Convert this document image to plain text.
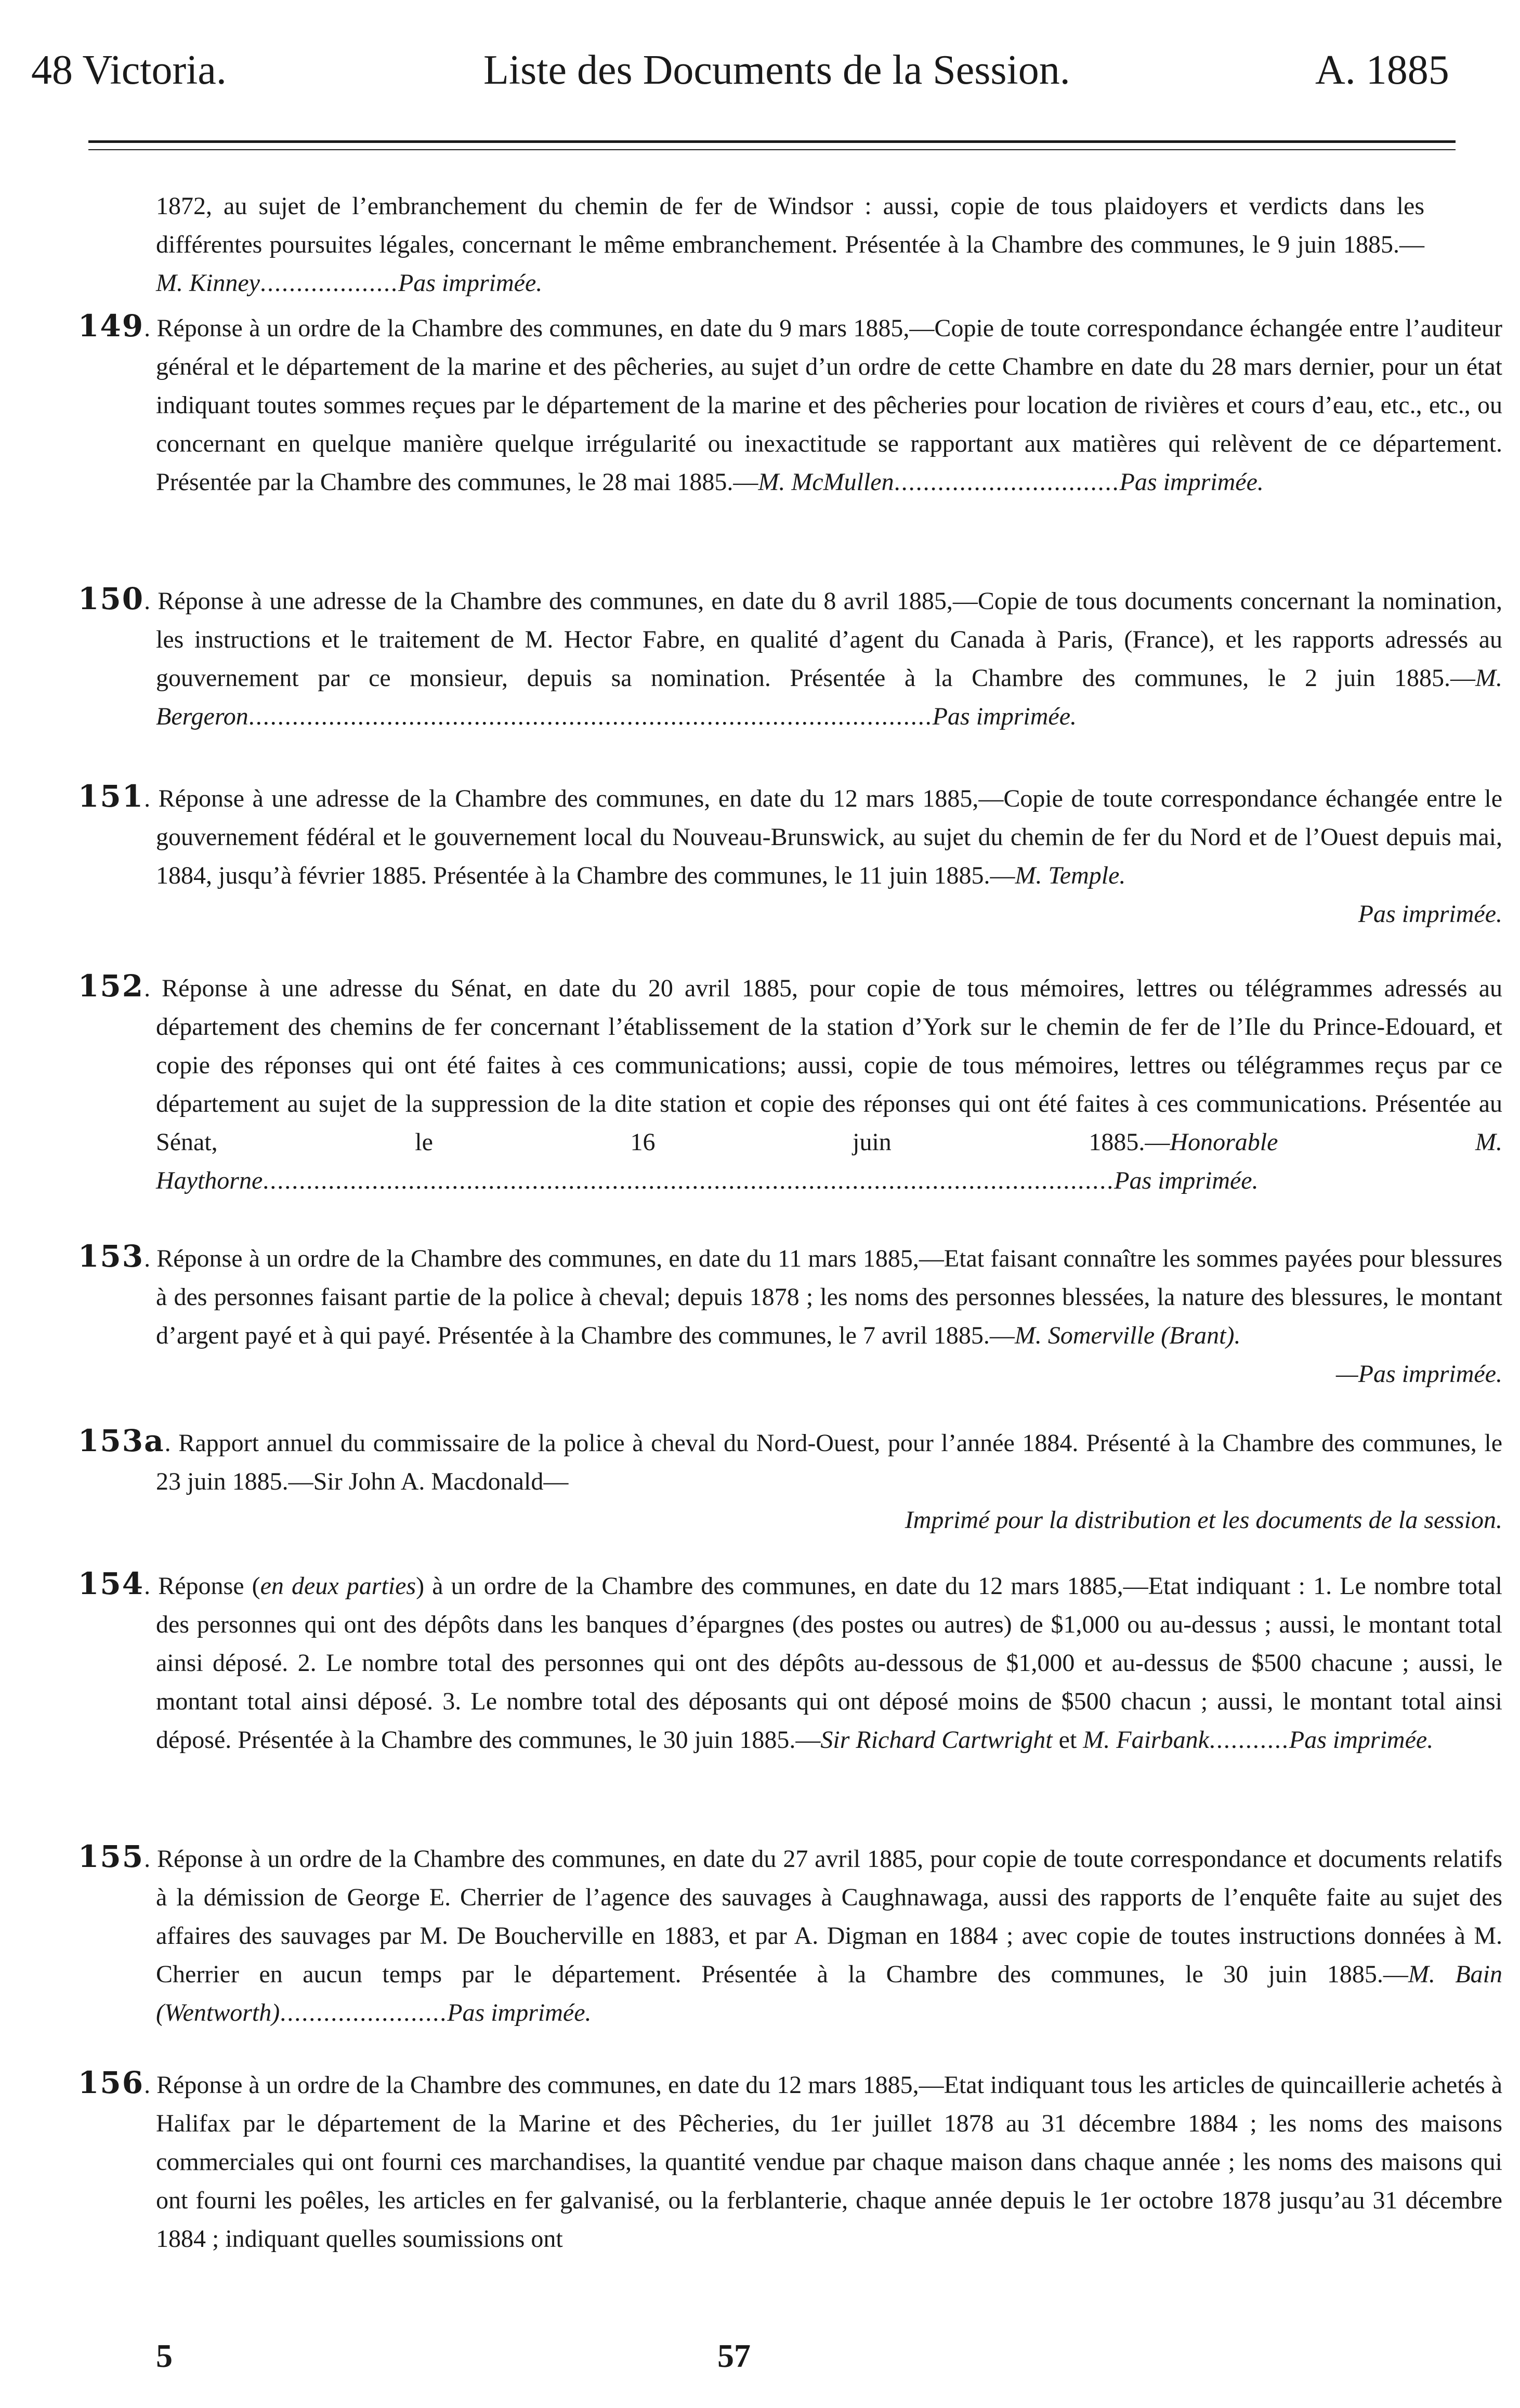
48 Victoria.	Liste des Documents de la Session.	A. 1885
1872, au sujet de l’embranchement du chemin de fer de Windsor : aussi, copie de tous plaidoyers et verdicts dans les différentes poursuites légales, concernant le même embranchement. Présentée à la Chambre des communes, le 9 juin 1885.—M. Kinney...................Pas imprimée.
149. Réponse à un ordre de la Chambre des communes, en date du 9 mars 1885,—Copie de toute correspondance échangée entre l’auditeur général et le département de la marine et des pêcheries, au sujet d’un ordre de cette Chambre en date du 28 mars dernier, pour un état indiquant toutes sommes reçues par le département de la marine et des pêcheries pour location de rivières et cours d’eau, etc., etc., ou concernant en quelque manière quelque irrégularité ou inexactitude se rapportant aux matières qui relèvent de ce département. Présentée par la Chambre des communes, le 28 mai 1885.—M. McMullen...............................Pas imprimée.
150. Réponse à une adresse de la Chambre des communes, en date du 8 avril 1885,—Copie de tous documents concernant la nomination, les instructions et le traitement de M. Hector Fabre, en qualité d’agent du Canada à Paris, (France), et les rapports adressés au gouvernement par ce monsieur, depuis sa nomination. Présentée à la Chambre des communes, le 2 juin 1885.—M. Bergeron..............................................................................................Pas imprimée.
151. Réponse à une adresse de la Chambre des communes, en date du 12 mars 1885,—Copie de toute correspondance échangée entre le gouvernement fédéral et le gouvernement local du Nouveau-Brunswick, au sujet du chemin de fer du Nord et de l’Ouest depuis mai, 1884, jusqu’à février 1885. Présentée à la Chambre des communes, le 11 juin 1885.—M. Temple.
Pas imprimée.
152. Réponse à une adresse du Sénat, en date du 20 avril 1885, pour copie de tous mémoires, lettres ou télégrammes adressés au département des chemins de fer concernant l’établissement de la station d’York sur le chemin de fer de l’Ile du Prince-Edouard, et copie des réponses qui ont été faites à ces communications; aussi, copie de tous mémoires, lettres ou télégrammes reçus par ce département au sujet de la suppression de la dite station et copie des réponses qui ont été faites à ces communications. Présentée au Sénat, le 16 juin 1885.—Honorable M. Haythorne.....................................................................................................................Pas imprimée.
153. Réponse à un ordre de la Chambre des communes, en date du 11 mars 1885,—Etat faisant connaître les sommes payées pour blessures à des personnes faisant partie de la police à cheval; depuis 1878 ; les noms des personnes blessées, la nature des blessures, le montant d’argent payé et à qui payé. Présentée à la Chambre des communes, le 7 avril 1885.—M. Somerville (Brant).
—Pas imprimée.
153a. Rapport annuel du commissaire de la police à cheval du Nord-Ouest, pour l’année 1884. Présenté à la Chambre des communes, le 23 juin 1885.—Sir John A. Macdonald—
Imprimé pour la distribution et les documents de la session.
154. Réponse (en deux parties) à un ordre de la Chambre des communes, en date du 12 mars 1885,—Etat indiquant : 1. Le nombre total des personnes qui ont des dépôts dans les banques d’épargnes (des postes ou autres) de $1,000 ou au-dessus ; aussi, le montant total ainsi déposé. 2. Le nombre total des personnes qui ont des dépôts au-dessous de $1,000 et au-dessus de $500 chacune ; aussi, le montant total ainsi déposé. 3. Le nombre total des déposants qui ont déposé moins de $500 chacun ; aussi, le montant total ainsi déposé. Présentée à la Chambre des communes, le 30 juin 1885.—Sir Richard Cartwright et M. Fairbank...........Pas imprimée.
155. Réponse à un ordre de la Chambre des communes, en date du 27 avril 1885, pour copie de toute correspondance et documents relatifs à la démission de George E. Cherrier de l’agence des sauvages à Caughnawaga, aussi des rapports de l’enquête faite au sujet des affaires des sauvages par M. De Boucherville en 1883, et par A. Digman en 1884 ; avec copie de toutes instructions données à M. Cherrier en aucun temps par le département. Présentée à la Chambre des communes, le 30 juin 1885.—M. Bain (Wentworth).......................Pas imprimée.
156. Réponse à un ordre de la Chambre des communes, en date du 12 mars 1885,—Etat indiquant tous les articles de quincaillerie achetés à Halifax par le département de la Marine et des Pêcheries, du 1er juillet 1878 au 31 décembre 1884 ; les noms des maisons commerciales qui ont fourni ces marchandises, la quantité vendue par chaque maison dans chaque année ; les noms des maisons qui ont fourni les poêles, les articles en fer galvanisé, ou la ferblanterie, chaque année depuis le 1er octobre 1878 jusqu’au 31 décembre 1884 ; indiquant quelles soumissions ont
5	57
